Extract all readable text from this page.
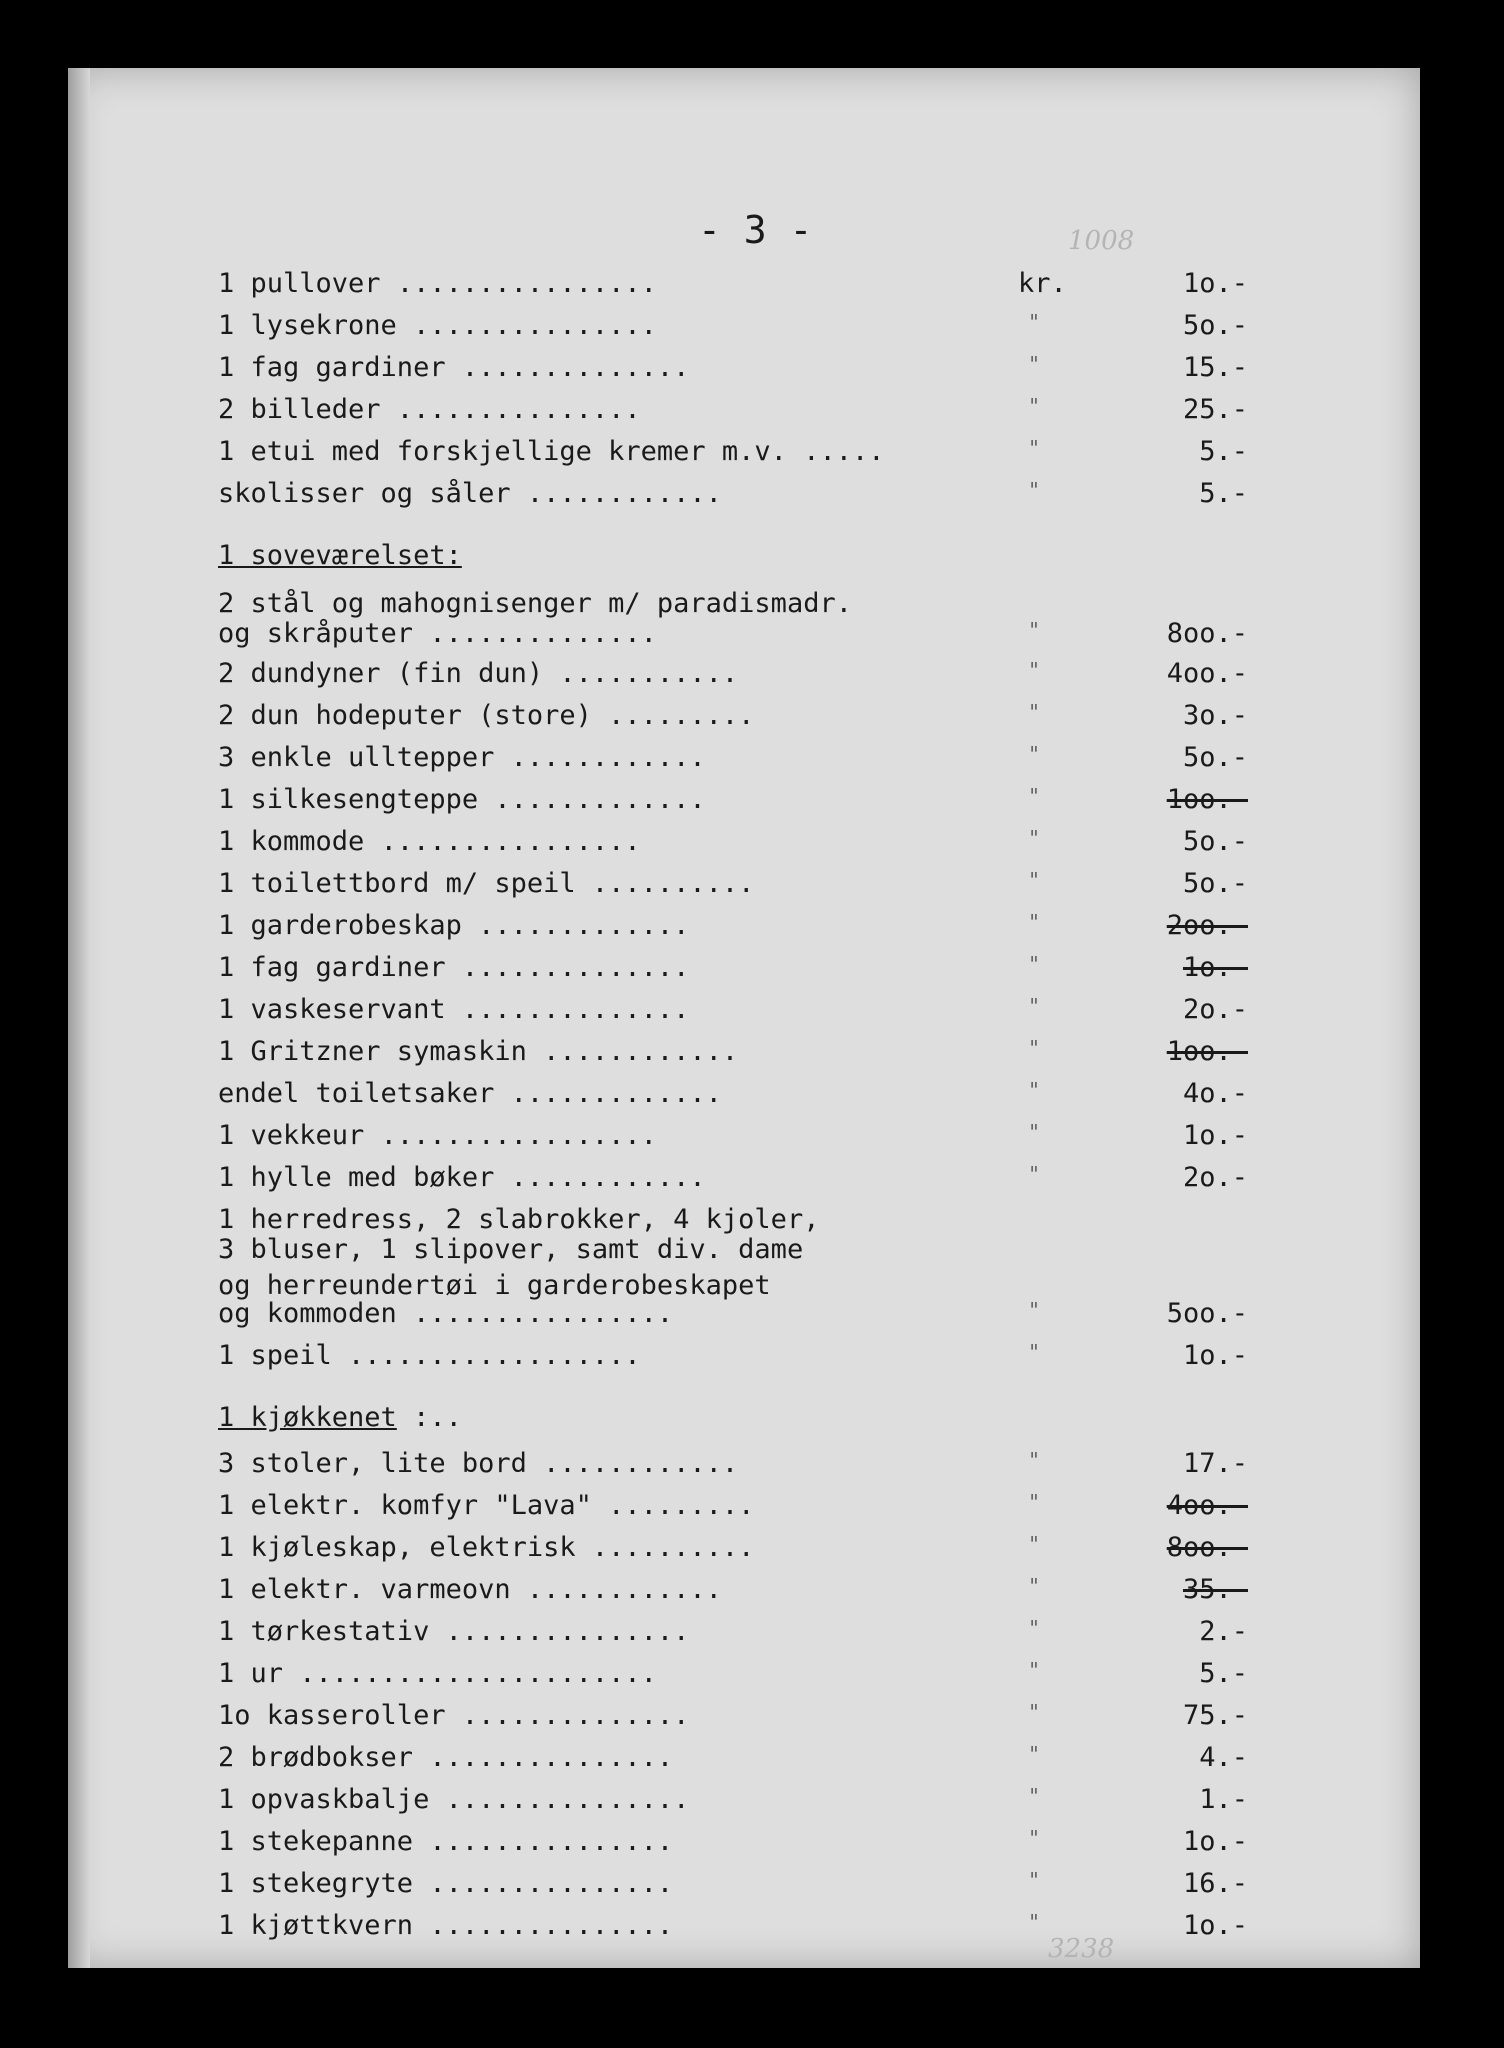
- 3 -	1008
3238
1 pullover ................	kr.	1o.-
1 lysekrone ...............	"	5o.-
1 fag gardiner ..............	"	15.-
2 billeder ...............	"	25.-
1 etui med forskjellige kremer m.v. .....	"	5.-
skolisser og såler ............	"	5.-
1 soveværelset:
2 stål og mahognisenger m/ paradismadr.
og skråputer ..............	"	8oo.-
2 dundyner (fin dun) ...........	"	4oo.-
2 dun hodeputer (store) .........	"	3o.-
3 enkle ulltepper ............	"	5o.-
1 silkesengteppe .............	"	1oo.-
1 kommode ................	"	5o.-
1 toilettbord m/ speil ..........	"	5o.-
1 garderobeskap .............	"	2oo.-
1 fag gardiner ..............	"	1o.-
1 vaskeservant ..............	"	2o.-
1 Gritzner symaskin ............	"	1oo.-
endel toiletsaker .............	"	4o.-
1 vekkeur .................	"	1o.-
1 hylle med bøker ............	"	2o.-
1 herredress, 2 slabrokker, 4 kjoler,
3 bluser, 1 slipover, samt div. dame
og herreundertøi i garderobeskapet
og kommoden ................	"	5oo.-
1 speil ..................	"	1o.-
1 kjøkkenet :..
3 stoler, lite bord ............	"	17.-
1 elektr. komfyr "Lava" .........	"	4oo.-
1 kjøleskap, elektrisk ..........	"	8oo.-
1 elektr. varmeovn ............	"	35.-
1 tørkestativ ...............	"	2.-
1 ur ......................	"	5.-
1o kasseroller ..............	"	75.-
2 brødbokser ...............	"	4.-
1 opvaskbalje ...............	"	1.-
1 stekepanne ...............	"	1o.-
1 stekegryte ...............	"	16.-
1 kjøttkvern ...............	"	1o.-
